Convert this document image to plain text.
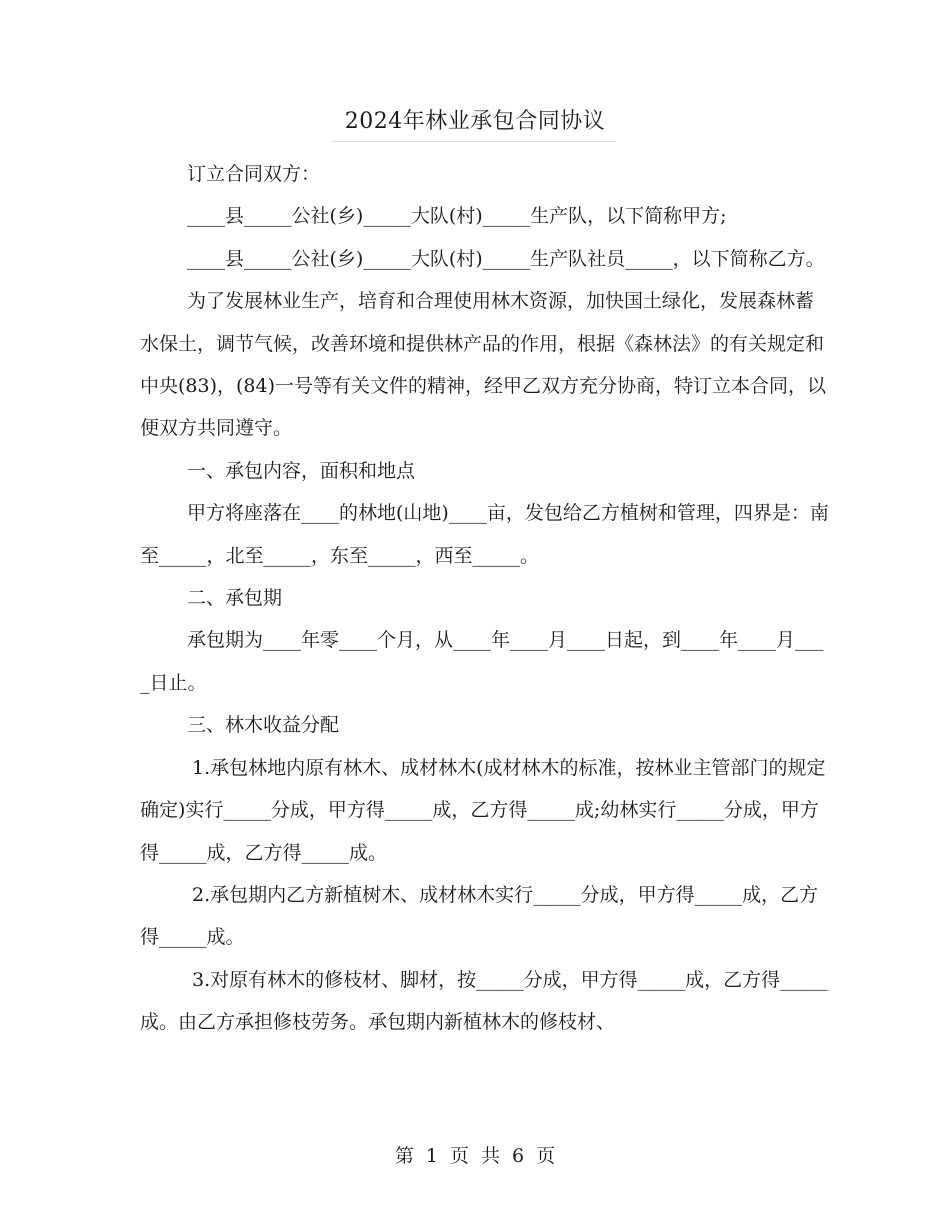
2024年林业承包合同协议

订立合同双方：

____县_____公社(乡)_____大队(村)_____生产队，以下简称甲方;

____县_____公社(乡)_____大队(村)_____生产队社员_____，以下简称乙方。

为了发展林业生产，培育和合理使用林木资源，加快国土绿化，发展森林蓄水保土，调节气候，改善环境和提供林产品的作用，根据《森林法》的有关规定和中央(83)，(84)一号等有关文件的精神，经甲乙双方充分协商，特订立本合同，以便双方共同遵守。

一、承包内容，面积和地点

甲方将座落在____的林地(山地)____亩，发包给乙方植树和管理，四界是：南至_____，北至_____，东至_____，西至_____。

二、承包期

承包期为____年零____个月，从____年____月____日起，到____年____月____日止。

三、林木收益分配

1.承包林地内原有林木、成材林木(成材林木的标准，按林业主管部门的规定确定)实行_____分成，甲方得_____成，乙方得_____成;幼林实行_____分成，甲方得_____成，乙方得_____成。

2.承包期内乙方新植树木、成材林木实行_____分成，甲方得_____成，乙方得_____成。

3.对原有林木的修枝材、脚材，按_____分成，甲方得_____成，乙方得_____成。由乙方承担修枝劳务。承包期内新植林木的修枝材、

第 1 页 共 6 页
